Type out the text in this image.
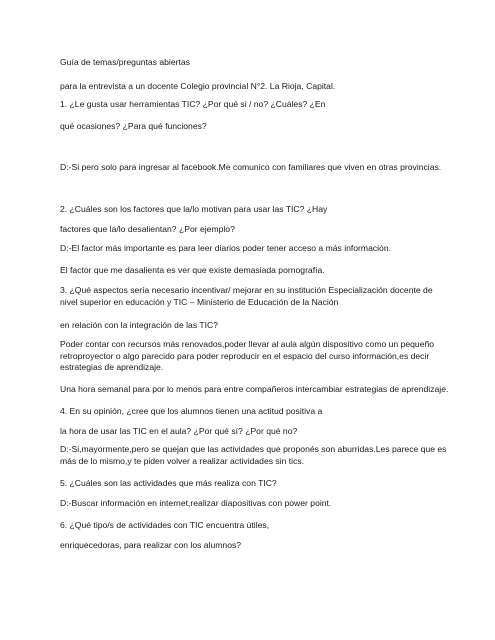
Guía de temas/preguntas abiertas

para la entrevista a un docente Colegio provincial N°2. La Rioja, Capital.

1. ¿Le gusta usar herramientas TIC? ¿Por qué si / no? ¿Cuáles? ¿En

qué ocasiones? ¿Para qué funciones?

D:-Si pero solo para ingresar al facebook.Me comunico con familiares que viven en otras provincias.

2. ¿Cuáles son los factores que la/lo motivan para usar las TIC? ¿Hay

factores que la/lo desalientan? ¿Por ejemplo?

D:-El factor más importante es para leer diarios poder tener acceso a más información.

El factor que me dasalienta es ver que existe demasiada pornografía.

3. ¿Qué aspectos sería necesario incentivar/ mejorar en su institución Especialización docente de nivel superior en educación y TIC – Ministerio de Educación de la Nación

en relación con la integración de las TIC?

Poder contar con recursos más renovados,poder llevar al aula algún dispositivo como un pequeño retroproyector o algo parecido para poder reproducir en el espacio del curso información,es decir estrategias de aprendizaje.

Una hora semanal para por lo menos para entre compañeros intercambiar estrategias de aprendizaje.

4. En su opinión, ¿cree que los alumnos tienen una actitud positiva a

la hora de usar las TIC en el aula? ¿Por qué sí? ¿Por qué no?

D:-Si,mayormente,pero se quejan que las actividades que proponés son aburridas.Les parece que es más de lo mismo,y te piden volver a realizar actividades sin tics.

5. ¿Cuáles son las actividades que más realiza con TIC?

D:-Buscar información en internet,realizar diapositivas con power point.

6. ¿Qué tipo/s de actividades con TIC encuentra útiles,

enriquecedoras, para realizar con los alumnos?
